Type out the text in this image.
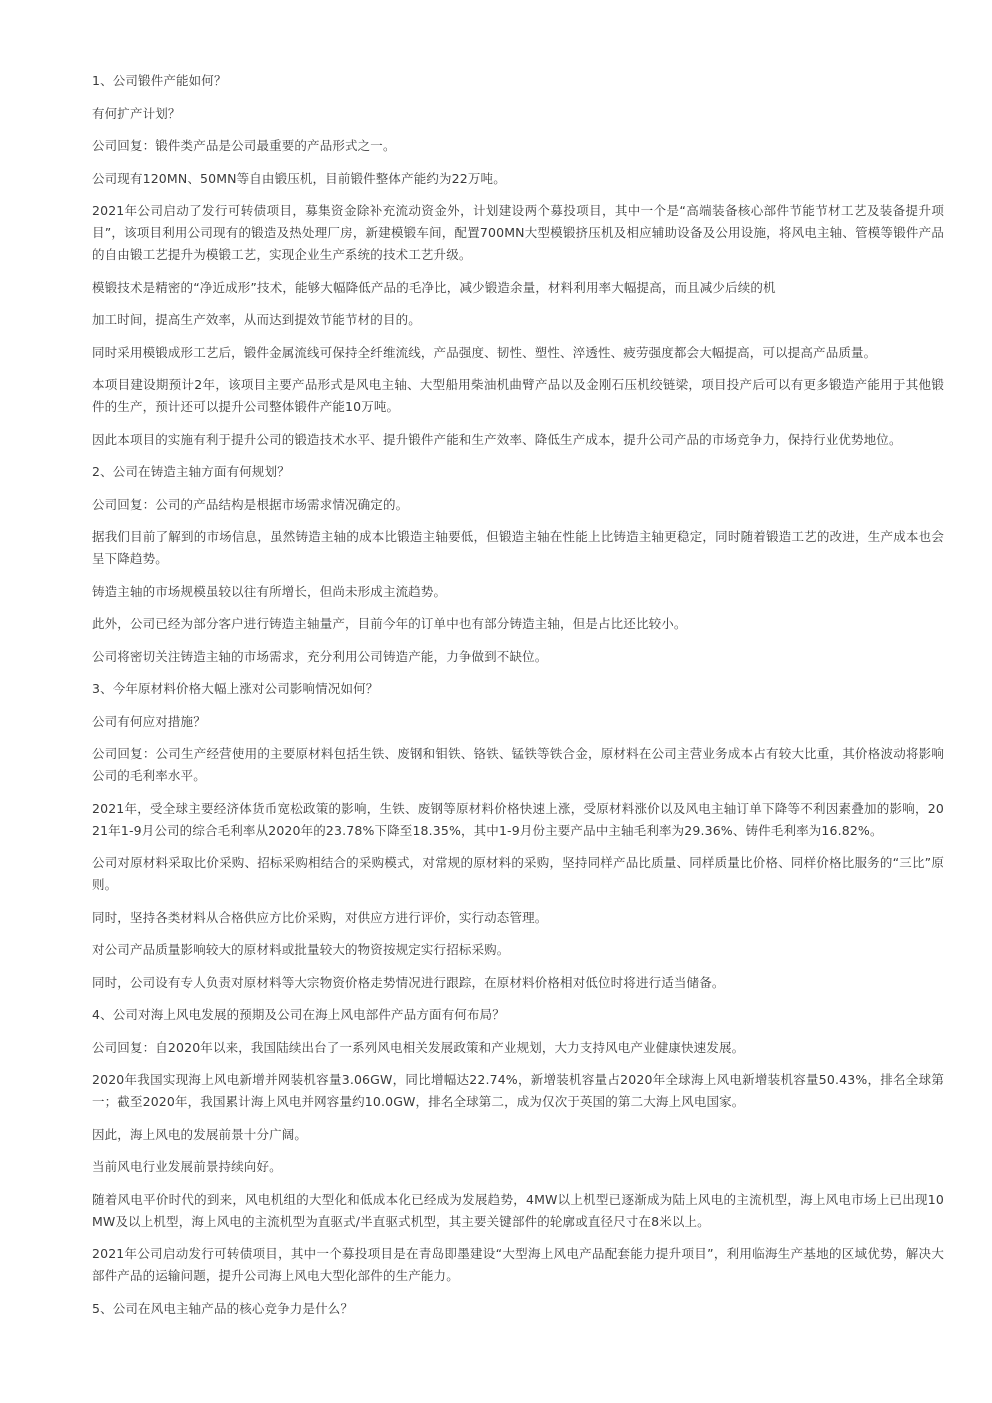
1、公司锻件产能如何？

有何扩产计划？

公司回复：锻件类产品是公司最重要的产品形式之一。

公司现有120MN、50MN等自由锻压机，目前锻件整体产能约为22万吨。

2021年公司启动了发行可转债项目，募集资金除补充流动资金外，计划建设两个募投项目，其中一个是“高端装备核心部件节能节材工艺及装备提升项目”，该项目利用公司现有的锻造及热处理厂房，新建模锻车间，配置700MN大型模锻挤压机及相应辅助设备及公用设施，将风电主轴、管模等锻件产品的自由锻工艺提升为模锻工艺，实现企业生产系统的技术工艺升级。

模锻技术是精密的“净近成形”技术，能够大幅降低产品的毛净比，减少锻造余量，材料利用率大幅提高，而且减少后续的机

加工时间，提高生产效率，从而达到提效节能节材的目的。

同时采用模锻成形工艺后，锻件金属流线可保持全纤维流线，产品强度、韧性、塑性、淬透性、疲劳强度都会大幅提高，可以提高产品质量。

本项目建设期预计2年，该项目主要产品形式是风电主轴、大型船用柴油机曲臂产品以及金刚石压机绞链梁，项目投产后可以有更多锻造产能用于其他锻件的生产，预计还可以提升公司整体锻件产能10万吨。

因此本项目的实施有利于提升公司的锻造技术水平、提升锻件产能和生产效率、降低生产成本，提升公司产品的市场竞争力，保持行业优势地位。

2、公司在铸造主轴方面有何规划？

公司回复：公司的产品结构是根据市场需求情况确定的。

据我们目前了解到的市场信息，虽然铸造主轴的成本比锻造主轴要低，但锻造主轴在性能上比铸造主轴更稳定，同时随着锻造工艺的改进，生产成本也会呈下降趋势。

铸造主轴的市场规模虽较以往有所增长，但尚未形成主流趋势。

此外，公司已经为部分客户进行铸造主轴量产，目前今年的订单中也有部分铸造主轴，但是占比还比较小。

公司将密切关注铸造主轴的市场需求，充分利用公司铸造产能，力争做到不缺位。

3、今年原材料价格大幅上涨对公司影响情况如何？

公司有何应对措施？

公司回复：公司生产经营使用的主要原材料包括生铁、废钢和钼铁、铬铁、锰铁等铁合金，原材料在公司主营业务成本占有较大比重，其价格波动将影响公司的毛利率水平。

2021年，受全球主要经济体货币宽松政策的影响，生铁、废钢等原材料价格快速上涨，受原材料涨价以及风电主轴订单下降等不利因素叠加的影响，2021年1-9月公司的综合毛利率从2020年的23.78%下降至18.35%，其中1-9月份主要产品中主轴毛利率为29.36%、铸件毛利率为16.82%。

公司对原材料采取比价采购、招标采购相结合的采购模式，对常规的原材料的采购，坚持同样产品比质量、同样质量比价格、同样价格比服务的“三比”原则。

同时，坚持各类材料从合格供应方比价采购，对供应方进行评价，实行动态管理。

对公司产品质量影响较大的原材料或批量较大的物资按规定实行招标采购。

同时，公司设有专人负责对原材料等大宗物资价格走势情况进行跟踪，在原材料价格相对低位时将进行适当储备。

4、公司对海上风电发展的预期及公司在海上风电部件产品方面有何布局？

公司回复：自2020年以来，我国陆续出台了一系列风电相关发展政策和产业规划，大力支持风电产业健康快速发展。

2020年我国实现海上风电新增并网装机容量3.06GW，同比增幅达22.74%，新增装机容量占2020年全球海上风电新增装机容量50.43%，排名全球第一；截至2020年，我国累计海上风电并网容量约10.0GW，排名全球第二，成为仅次于英国的第二大海上风电国家。

因此，海上风电的发展前景十分广阔。

当前风电行业发展前景持续向好。

随着风电平价时代的到来，风电机组的大型化和低成本化已经成为发展趋势，4MW以上机型已逐渐成为陆上风电的主流机型，海上风电市场上已出现10MW及以上机型，海上风电的主流机型为直驱式/半直驱式机型，其主要关键部件的轮廓或直径尺寸在8米以上。

2021年公司启动发行可转债项目，其中一个募投项目是在青岛即墨建设“大型海上风电产品配套能力提升项目”，利用临海生产基地的区域优势，解决大部件产品的运输问题，提升公司海上风电大型化部件的生产能力。

5、公司在风电主轴产品的核心竞争力是什么？
